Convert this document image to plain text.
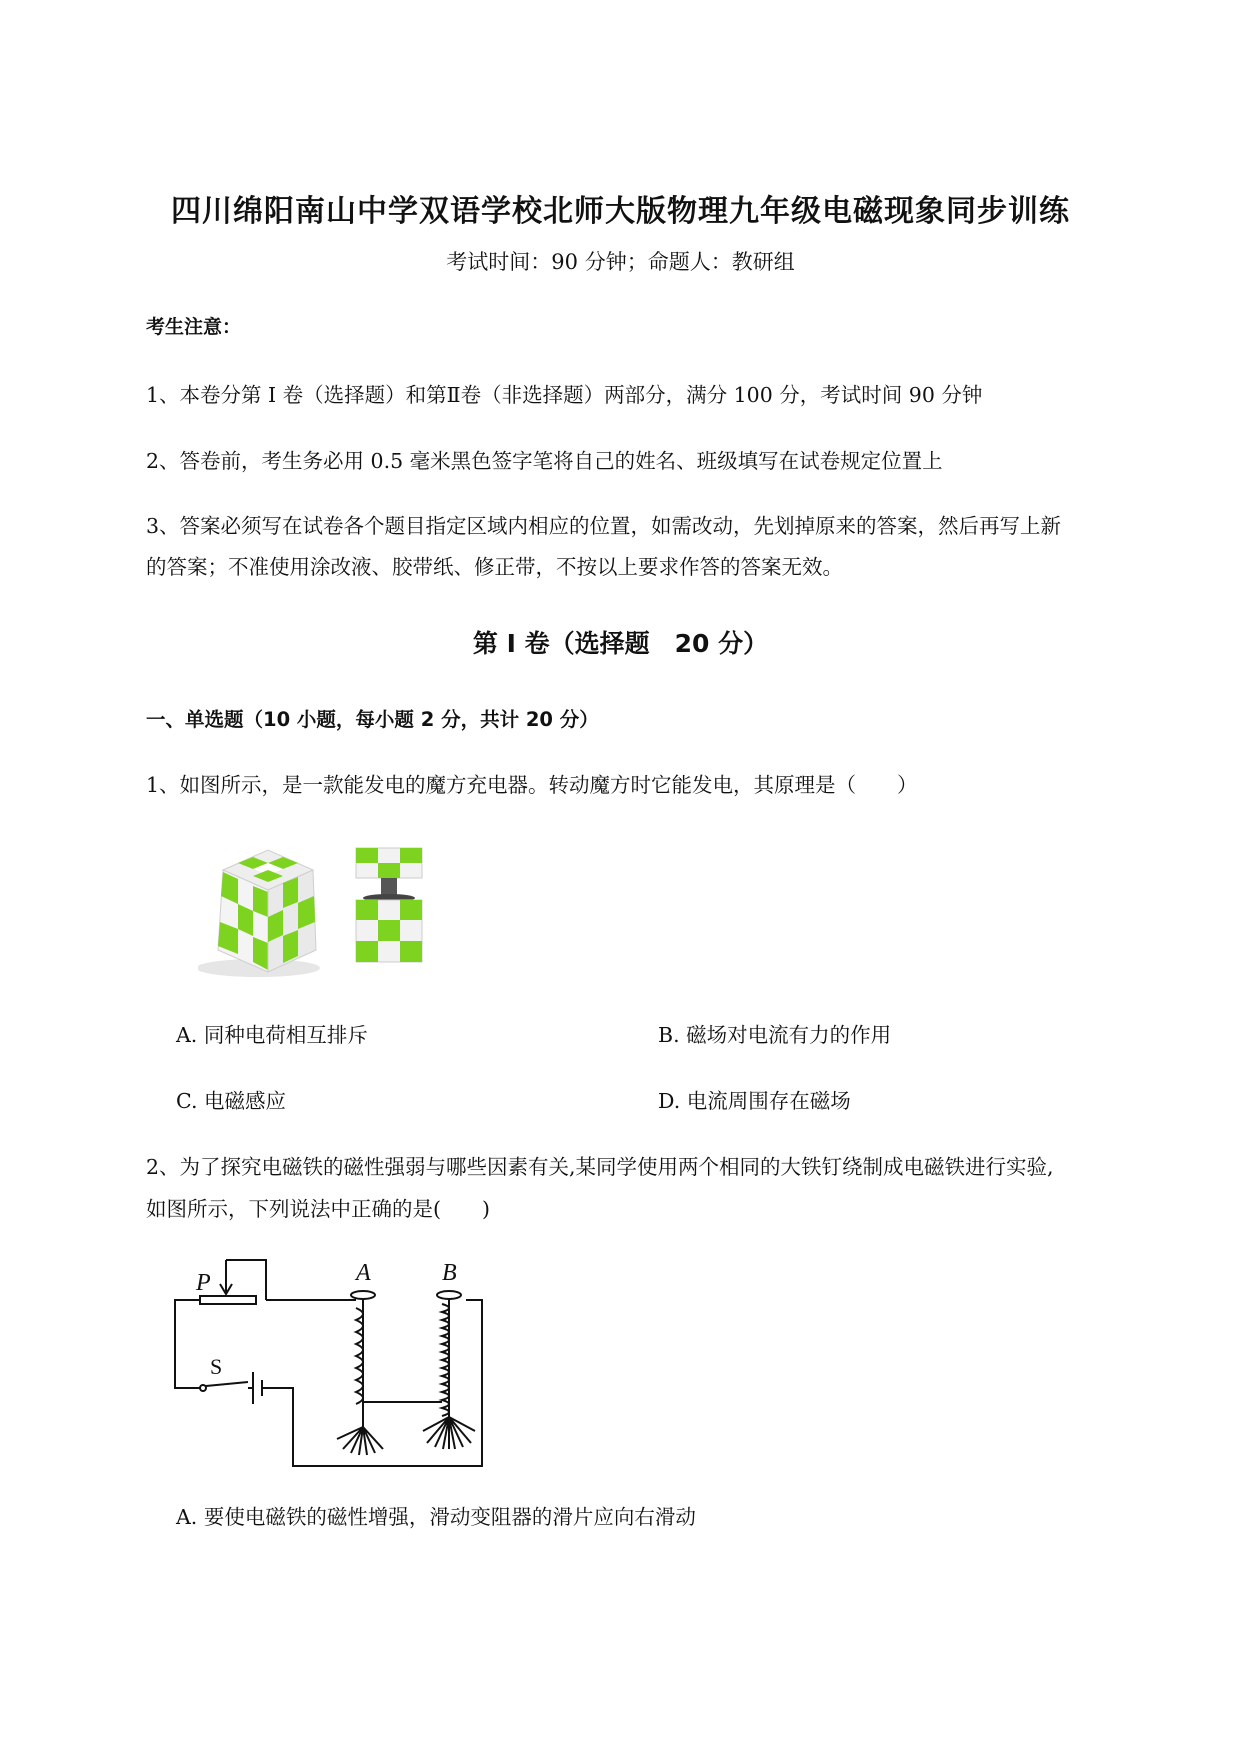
四川绵阳南山中学双语学校北师大版物理九年级电磁现象同步训练
考试时间：90 分钟；命题人：教研组
考生注意：
1、本卷分第 I 卷（选择题）和第Ⅱ卷（非选择题）两部分，满分 100 分，考试时间 90 分钟
2、答卷前，考生务必用 0.5 毫米黑色签字笔将自己的姓名、班级填写在试卷规定位置上
3、答案必须写在试卷各个题目指定区域内相应的位置，如需改动，先划掉原来的答案，然后再写上新
的答案；不准使用涂改液、胶带纸、修正带，不按以上要求作答的答案无效。
第 I 卷（选择题　20 分）
一、单选题（10 小题，每小题 2 分，共计 20 分）
1、如图所示，是一款能发电的魔方充电器。转动魔方时它能发电，其原理是（　　）
A. 同种电荷相互排斥	B. 磁场对电流有力的作用
C. 电磁感应	D. 电流周围存在磁场
2、为了探究电磁铁的磁性强弱与哪些因素有关,某同学使用两个相同的大铁钉绕制成电磁铁进行实验,
如图所示，下列说法中正确的是(　　)
P
S
A	B
A. 要使电磁铁的磁性增强，滑动变阻器的滑片应向右滑动
